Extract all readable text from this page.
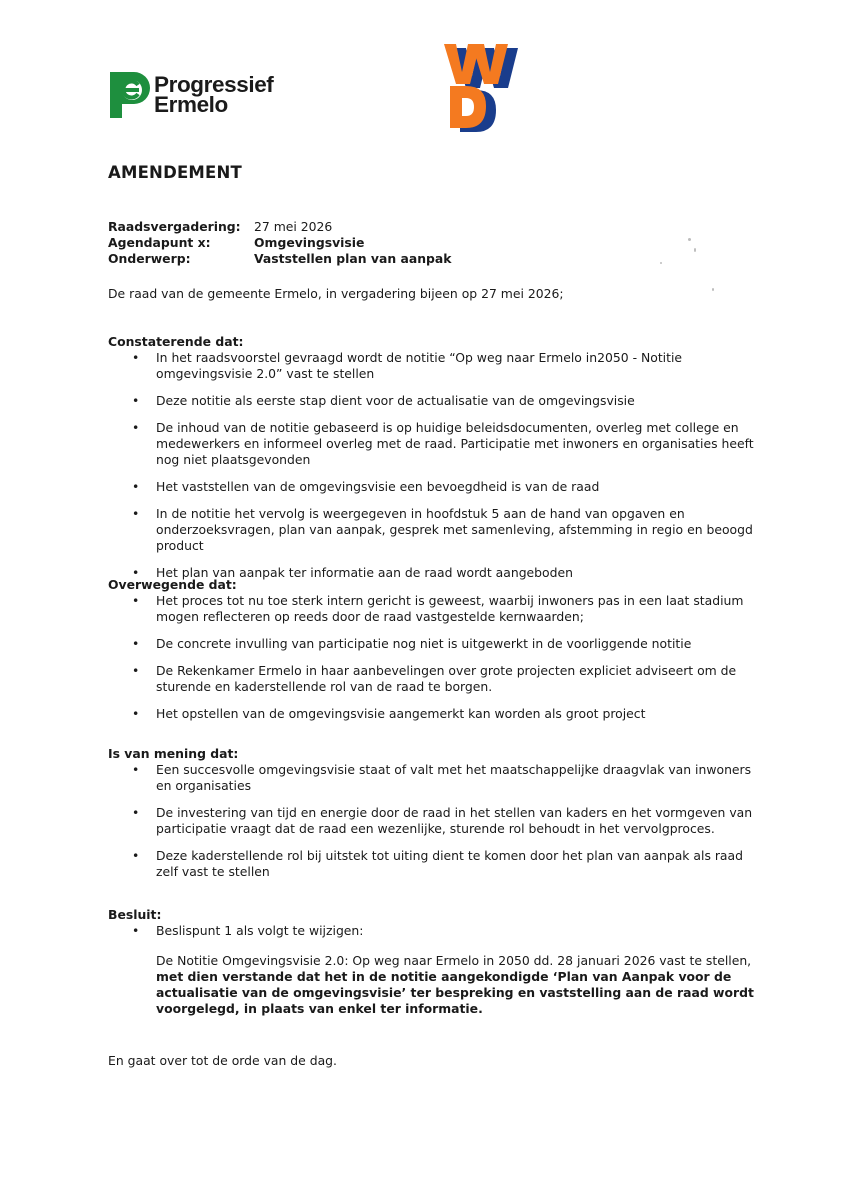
Progressief
Ermelo
AMENDEMENT
Raadsvergadering:	27 mei 2026
Agendapunt x:	Omgevingsvisie
Onderwerp:	Vaststellen plan van aanpak
De raad van de gemeente Ermelo, in vergadering bijeen op 27 mei 2026;
Constaterende dat:
• In het raadsvoorstel gevraagd wordt de notitie “Op weg naar Ermelo in2050 - Notitie omgevingsvisie 2.0” vast te stellen
• Deze notitie als eerste stap dient voor de actualisatie van de omgevingsvisie
• De inhoud van de notitie gebaseerd is op huidige beleidsdocumenten, overleg met college en medewerkers en informeel overleg met de raad. Participatie met inwoners en organisaties heeft nog niet plaatsgevonden
• Het vaststellen van de omgevingsvisie een bevoegdheid is van de raad
• In de notitie het vervolg is weergegeven in hoofdstuk 5 aan de hand van opgaven en onderzoeksvragen, plan van aanpak, gesprek met samenleving, afstemming in regio en beoogd product
• Het plan van aanpak ter informatie aan de raad wordt aangeboden
Overwegende dat:
• Het proces tot nu toe sterk intern gericht is geweest, waarbij inwoners pas in een laat stadium mogen reflecteren op reeds door de raad vastgestelde kernwaarden;
• De concrete invulling van participatie nog niet is uitgewerkt in de voorliggende notitie
• De Rekenkamer Ermelo in haar aanbevelingen over grote projecten expliciet adviseert om de sturende en kaderstellende rol van de raad te borgen.
• Het opstellen van de omgevingsvisie aangemerkt kan worden als groot project
Is van mening dat:
• Een succesvolle omgevingsvisie staat of valt met het maatschappelijke draagvlak van inwoners en organisaties
• De investering van tijd en energie door de raad in het stellen van kaders en het vormgeven van participatie vraagt dat de raad een wezenlijke, sturende rol behoudt in het vervolgproces.
• Deze kaderstellende rol bij uitstek tot uiting dient te komen door het plan van aanpak als raad zelf vast te stellen
Besluit:
• Beslispunt 1 als volgt te wijzigen:
De Notitie Omgevingsvisie 2.0: Op weg naar Ermelo in 2050 dd. 28 januari 2026 vast te stellen, met dien verstande dat het in de notitie aangekondigde ‘Plan van Aanpak voor de actualisatie van de omgevingsvisie’ ter bespreking en vaststelling aan de raad wordt voorgelegd, in plaats van enkel ter informatie.
En gaat over tot de orde van de dag.
